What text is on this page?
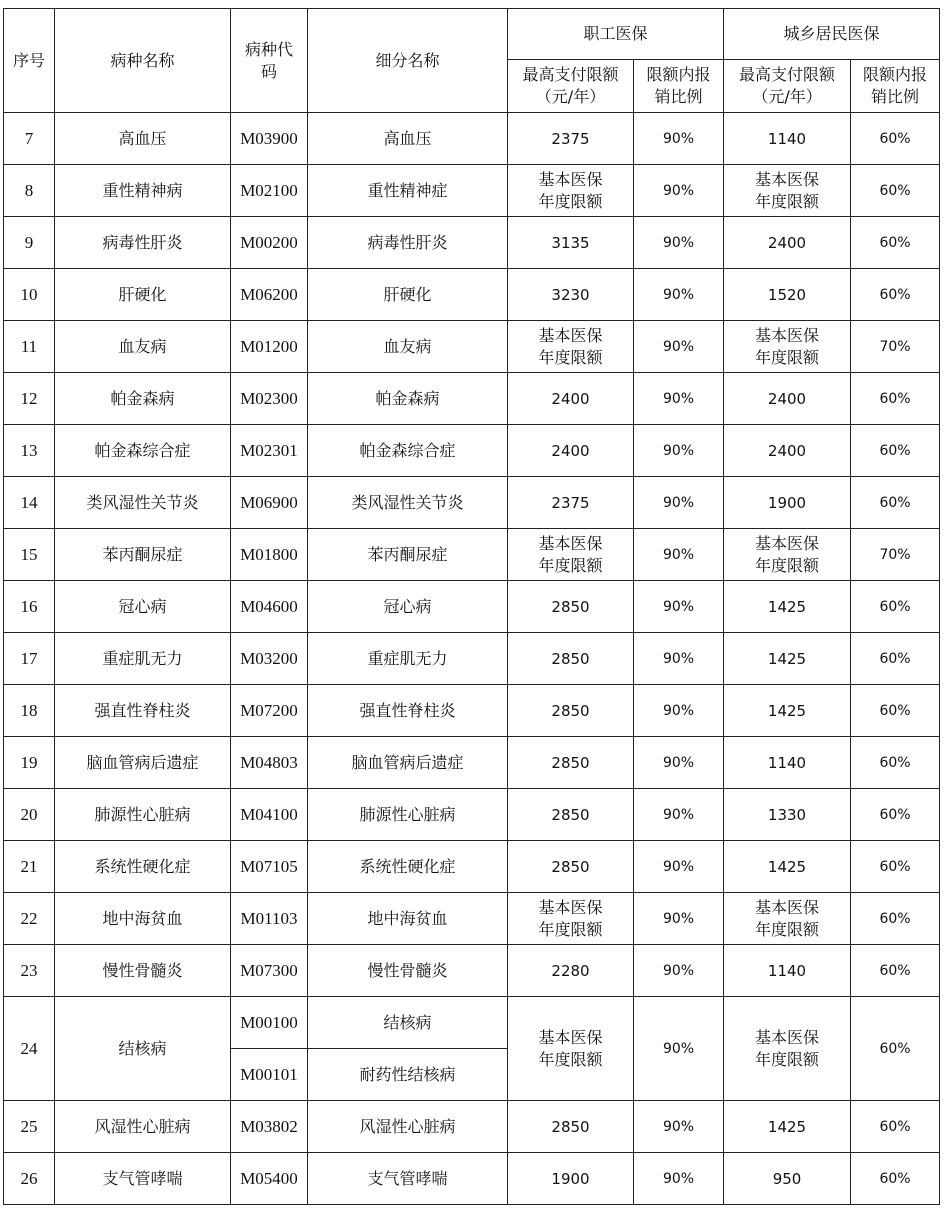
序号	病种名称	病种代码	细分名称	职工医保		城乡居民医保	
				最高支付限额（元/年）	限额内报销比例	最高支付限额（元/年）	限额内报销比例
7	高血压	M03900	高血压	2375	90%	1140	60%
8	重性精神病	M02100	重性精神症	基本医保年度限额	90%	基本医保年度限额	60%
9	病毒性肝炎	M00200	病毒性肝炎	3135	90%	2400	60%
10	肝硬化	M06200	肝硬化	3230	90%	1520	60%
11	血友病	M01200	血友病	基本医保年度限额	90%	基本医保年度限额	70%
12	帕金森病	M02300	帕金森病	2400	90%	2400	60%
13	帕金森综合症	M02301	帕金森综合症	2400	90%	2400	60%
14	类风湿性关节炎	M06900	类风湿性关节炎	2375	90%	1900	60%
15	苯丙酮尿症	M01800	苯丙酮尿症	基本医保年度限额	90%	基本医保年度限额	70%
16	冠心病	M04600	冠心病	2850	90%	1425	60%
17	重症肌无力	M03200	重症肌无力	2850	90%	1425	60%
18	强直性脊柱炎	M07200	强直性脊柱炎	2850	90%	1425	60%
19	脑血管病后遗症	M04803	脑血管病后遗症	2850	90%	1140	60%
20	肺源性心脏病	M04100	肺源性心脏病	2850	90%	1330	60%
21	系统性硬化症	M07105	系统性硬化症	2850	90%	1425	60%
22	地中海贫血	M01103	地中海贫血	基本医保年度限额	90%	基本医保年度限额	60%
23	慢性骨髓炎	M07300	慢性骨髓炎	2280	90%	1140	60%
24	结核病	M00100	结核病	基本医保年度限额	90%	基本医保年度限额	60%
		M00101	耐药性结核病				
25	风湿性心脏病	M03802	风湿性心脏病	2850	90%	1425	60%
26	支气管哮喘	M05400	支气管哮喘	1900	90%	950	60%
